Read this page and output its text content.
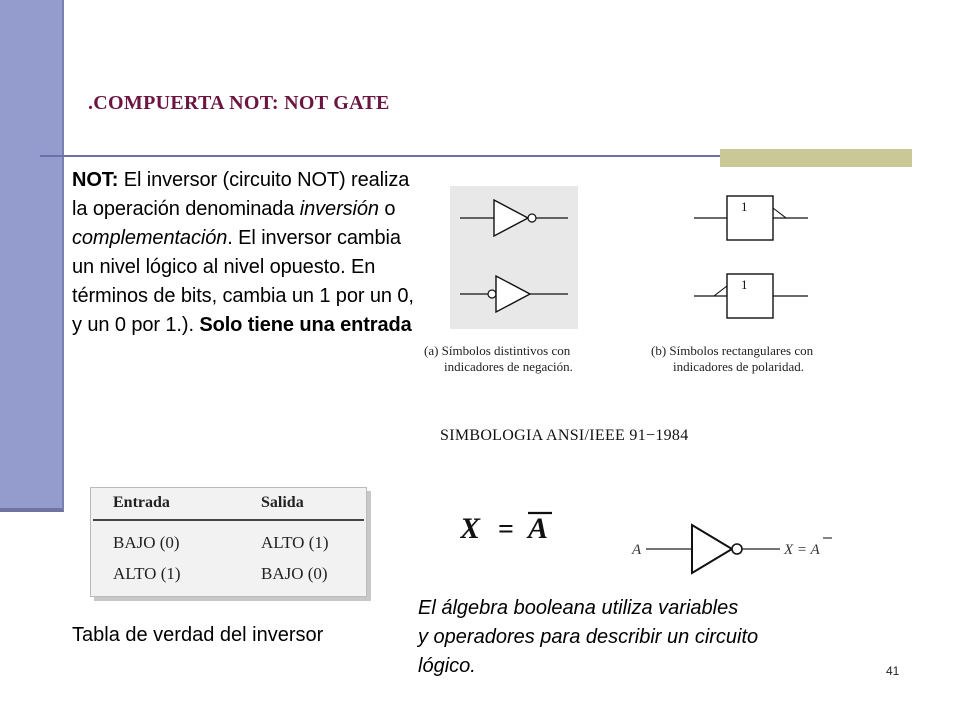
.COMPUERTA NOT: NOT GATE
NOT: El inversor (circuito NOT) realiza la operación denominada inversión o complementación. El inversor cambia un nivel lógico al nivel opuesto. En términos de bits, cambia un 1 por un 0, y un 0 por 1.). Solo tiene una entrada
(a) Símbolos distintivos con
indicadores de negación.
1
1
(b) Símbolos rectangulares con
indicadores de polaridad.
SIMBOLOGIA ANSI/IEEE 91−1984
Entrada	Salida
BAJO (0)	ALTO (1)
ALTO (1)	BAJO (0)
Tabla de verdad del inversor
X = A
A	X = A
El álgebra booleana utiliza variables
y operadores para describir un circuito
lógico.	41
